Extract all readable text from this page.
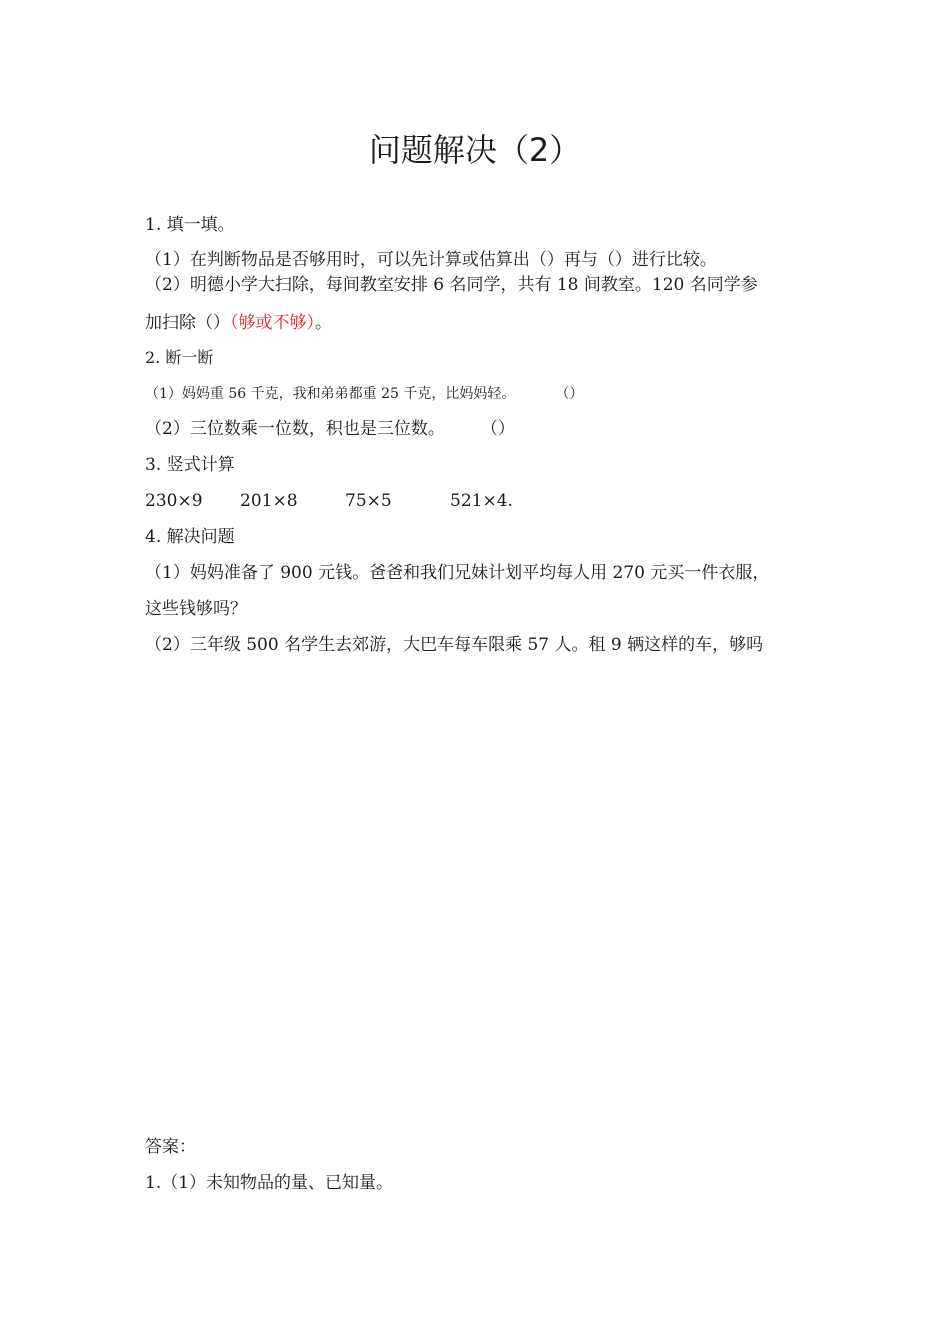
问题解决（2）
1. 填一填。
（1）在判断物品是否够用时，可以先计算或估算出（）再与（）进行比较。
（2）明德小学大扫除，每间教室安排 6 名同学，共有 18 间教室。120 名同学参
加扫除（）（够或不够）。
2. 断一断
（1）妈妈重 56 千克，我和弟弟都重 25 千克，比妈妈轻。	（）
（2）三位数乘一位数，积也是三位数。 （）
3. 竖式计算
230×9 201×8	75×5	521×4.
4. 解决问题
（1）妈妈准备了 900 元钱。爸爸和我们兄妹计划平均每人用 270 元买一件衣服，
这些钱够吗？
（2）三年级 500 名学生去郊游，大巴车每车限乘 57 人。租 9 辆这样的车，够吗
答案：
1.（1）未知物品的量、已知量。
